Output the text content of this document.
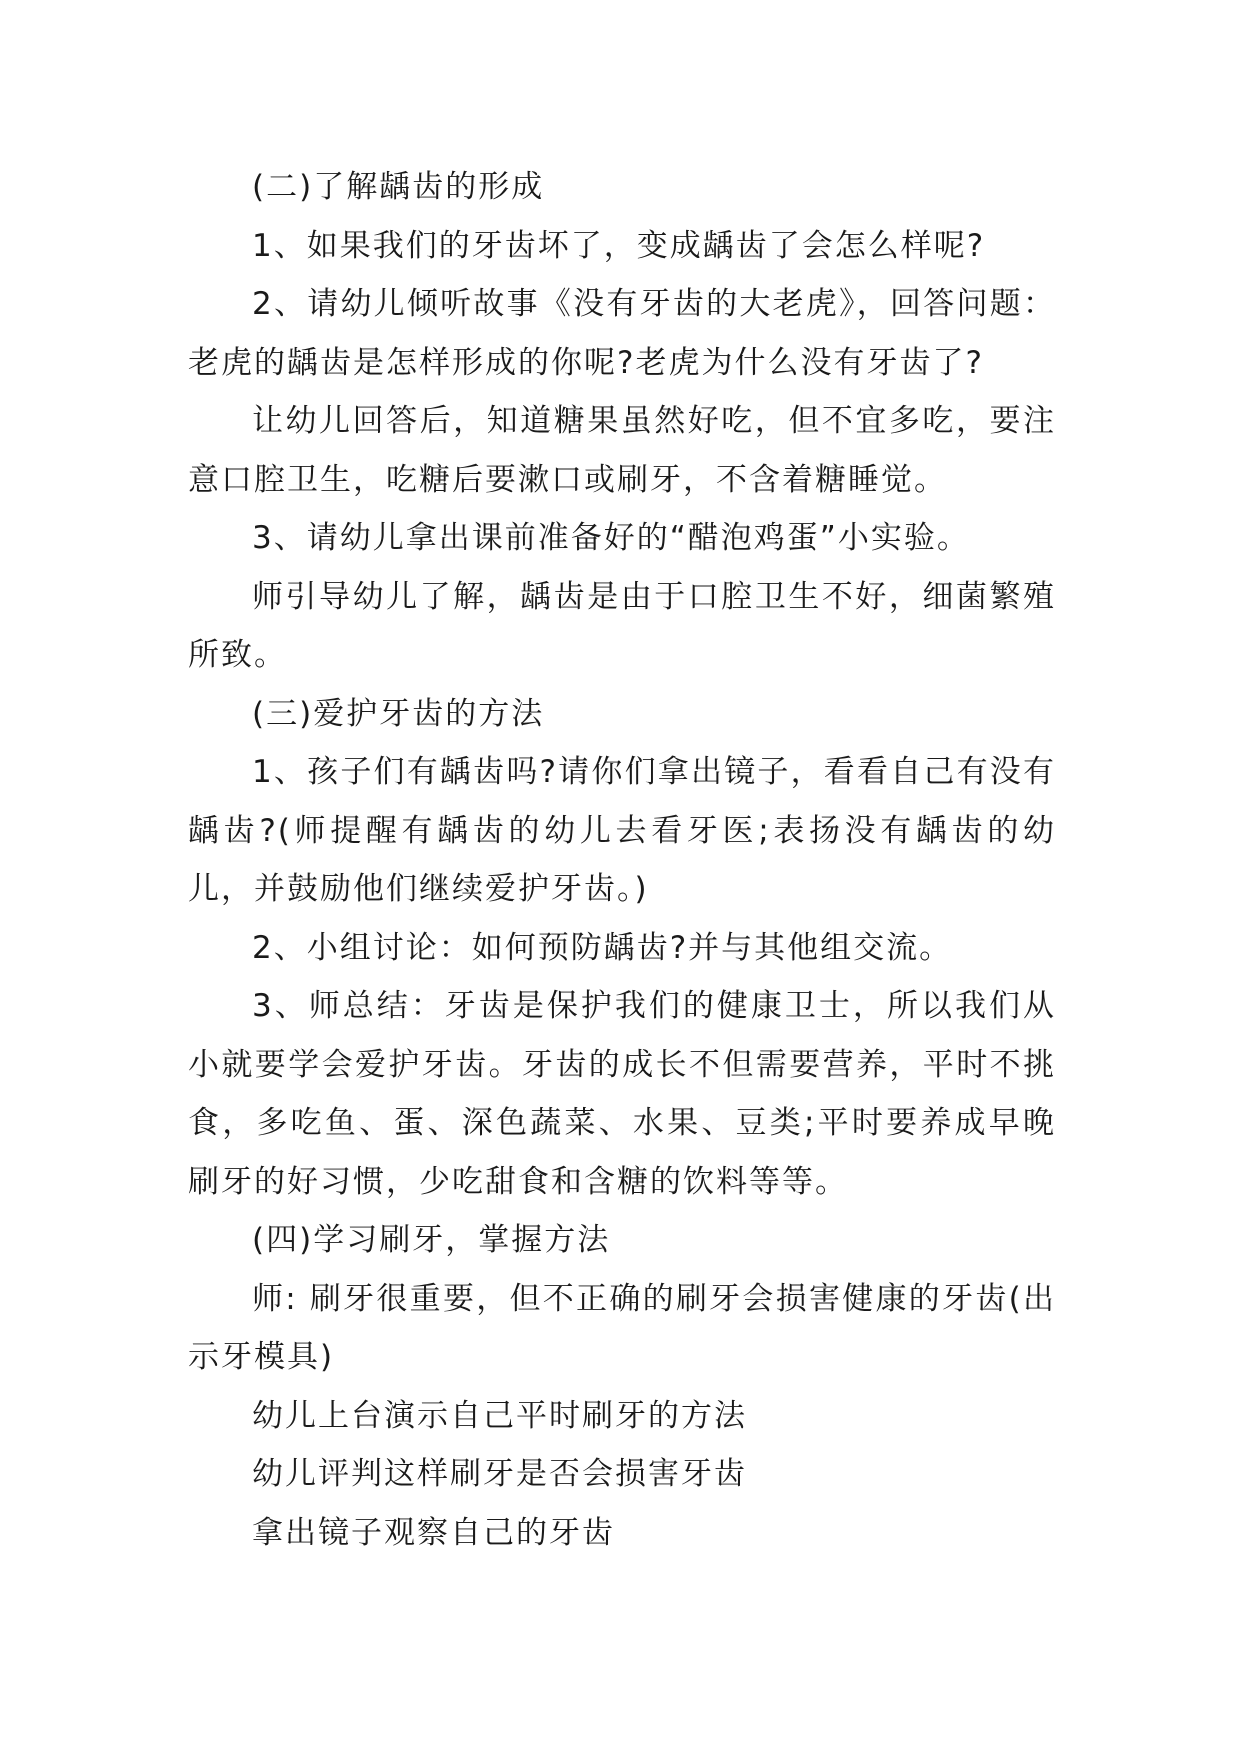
(二)了解龋齿的形成

1、如果我们的牙齿坏了，变成龋齿了会怎么样呢?

2、请幼儿倾听故事《没有牙齿的大老虎》，回答问题：老虎的龋齿是怎样形成的你呢?老虎为什么没有牙齿了?

让幼儿回答后，知道糖果虽然好吃，但不宜多吃，要注意口腔卫生，吃糖后要漱口或刷牙，不含着糖睡觉。

3、请幼儿拿出课前准备好的“醋泡鸡蛋”小实验。

师引导幼儿了解，龋齿是由于口腔卫生不好，细菌繁殖所致。

(三)爱护牙齿的方法

1、孩子们有龋齿吗?请你们拿出镜子，看看自己有没有龋齿?(师提醒有龋齿的幼儿去看牙医;表扬没有龋齿的幼儿，并鼓励他们继续爱护牙齿。)

2、小组讨论：如何预防龋齿?并与其他组交流。

3、师总结：牙齿是保护我们的健康卫士，所以我们从小就要学会爱护牙齿。牙齿的成长不但需要营养，平时不挑食，多吃鱼、蛋、深色蔬菜、水果、豆类;平时要养成早晚刷牙的好习惯，少吃甜食和含糖的饮料等等。

(四)学习刷牙，掌握方法

师: 刷牙很重要，但不正确的刷牙会损害健康的牙齿(出示牙模具)

幼儿上台演示自己平时刷牙的方法

幼儿评判这样刷牙是否会损害牙齿

拿出镜子观察自己的牙齿
